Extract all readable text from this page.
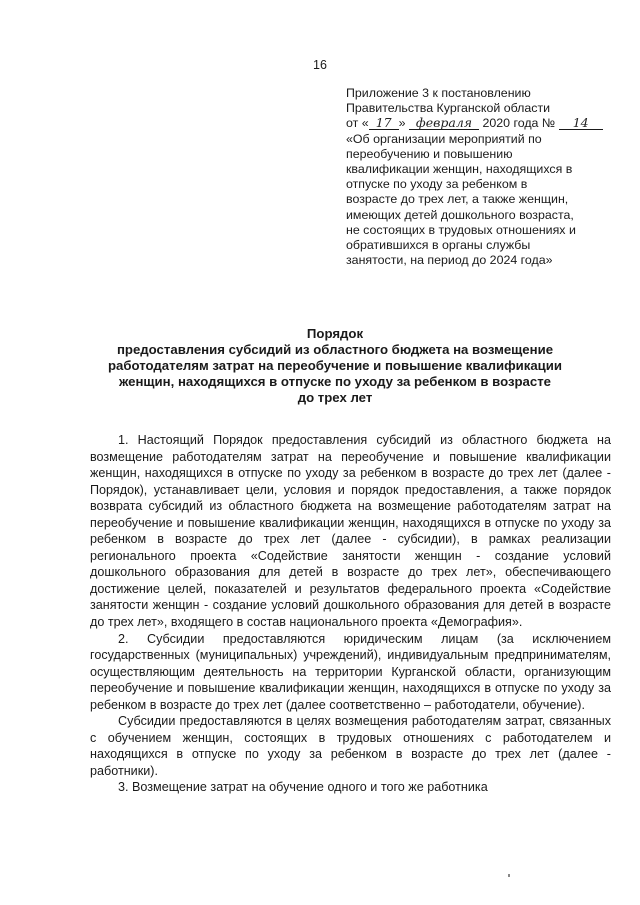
16
Приложение 3 к постановлению
Правительства Курганской области
от « 17 » февраля 2020 года № 14
«Об организации мероприятий по
переобучению и повышению
квалификации женщин, находящихся в
отпуске по уходу за ребенком в
возрасте до трех лет, а также женщин,
имеющих детей дошкольного возраста,
не состоящих в трудовых отношениях и
обратившихся в органы службы
занятости, на период до 2024 года»
Порядок
предоставления субсидий из областного бюджета на возмещение
работодателям затрат на переобучение и повышение квалификации
женщин, находящихся в отпуске по уходу за ребенком в возрасте
до трех лет

1. Настоящий Порядок предоставления субсидий из областного бюджета на возмещение работодателям затрат на переобучение и повышение квалификации женщин, находящихся в отпуске по уходу за ребенком в возрасте до трех лет (далее - Порядок), устанавливает цели, условия и порядок предоставления, а также порядок возврата субсидий из областного бюджета на возмещение работодателям затрат на переобучение и повышение квалификации женщин, находящихся в отпуске по уходу за ребенком в возрасте до трех лет (далее - субсидии), в рамках реализации регионального проекта «Содействие занятости женщин - создание условий дошкольного образования для детей в возрасте до трех лет», обеспечивающего достижение целей, показателей и результатов федерального проекта «Содействие занятости женщин - создание условий дошкольного образования для детей в возрасте до трех лет», входящего в состав национального проекта «Демография».

2. Субсидии предоставляются юридическим лицам (за исключением государственных (муниципальных) учреждений), индивидуальным предпринимателям, осуществляющим деятельность на территории Курганской области, организующим переобучение и повышение квалификации женщин, находящихся в отпуске по уходу за ребенком в возрасте до трех лет (далее соответственно – работодатели, обучение).

Субсидии предоставляются в целях возмещения работодателям затрат, связанных с обучением женщин, состоящих в трудовых отношениях с работодателем и находящихся в отпуске по уходу за ребенком в возрасте до трех лет (далее - работники).

3. Возмещение затрат на обучение одного и того же работника
